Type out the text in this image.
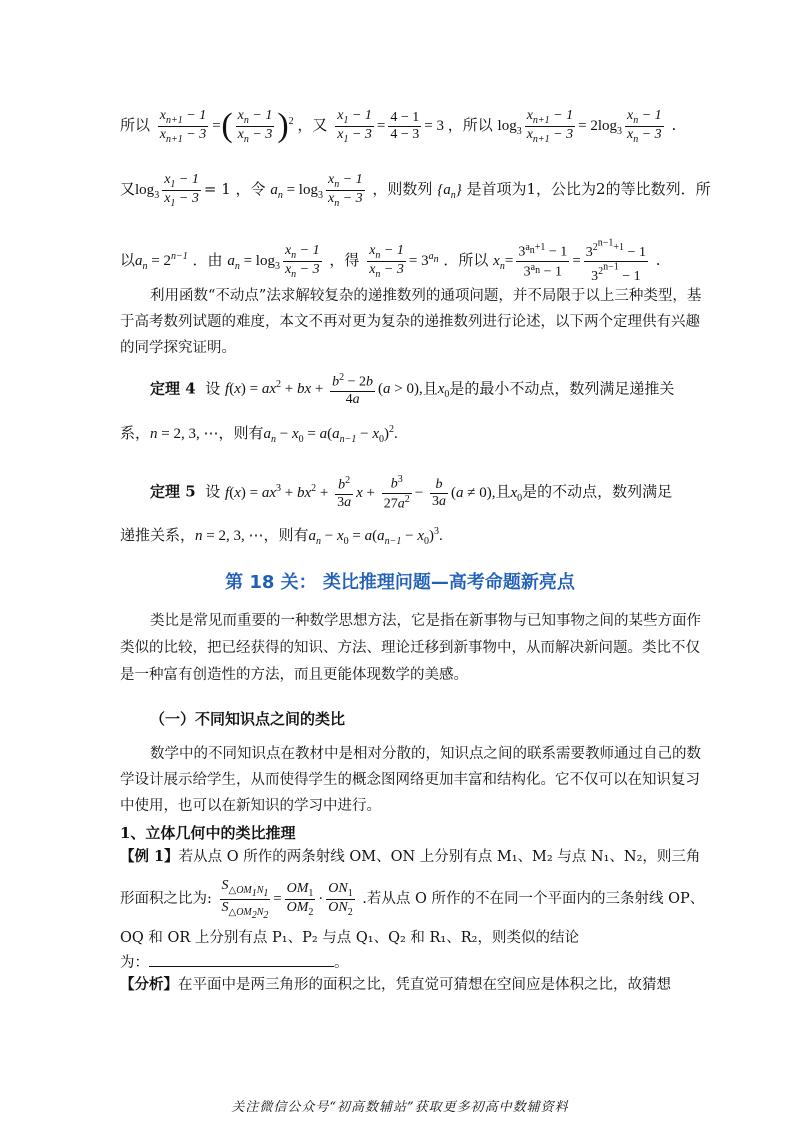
所以 $\frac{x_{n+1} - 1}{x_{n+1} - 3}$ =( $\frac{x_n - 1}{x_n - 3} )^2$ ，又 $\frac{x_1 - 1}{x_1 - 3} = \frac{4 - 1}{4 - 3} = 3$ ，所以 $\log_3 \frac{x_{n+1} - 1}{x_{n+1} - 3} = 2\log_3 \frac{x_n - 1}{x_n - 3}$ .
又$\log_3 \frac{x_1 - 1}{x_1 - 3} = 1$ ，令 $a_n = \log_3 \frac{x_n - 1}{x_n - 3}$ ，则数列 $\{a_n\}$ 是首项为1，公比为2的等比数列．所
以$a_n = 2^{n-1}$ ．由 $a_n = \log_3 \frac{x_n - 1}{x_n - 3}$ ，得 $\frac{x_n - 1}{x_n - 3} = 3^{a_n}$ ．所以 $x_n= \frac{3^{a_n+1} - 1}{3^{a_n} - 1} = \frac{3^{2^{n-1}+1} - 1}{3^{2^{n-1}} - 1}$ .
利用函数“不动点”法求解较复杂的递推数列的通项问题，并不局限于以上三种类型，基
于高考数列试题的难度，本文不再对更为复杂的递推数列进行论述，以下两个定理供有兴趣
的同学探究证明。
定理 4 设 $f(x) = ax^2$ + bx + $\frac{b^2 - 2b}{4a} (a > 0)$,且$x_0$是的最小不动点，数列满足递推关
系，n = 2, 3, ⋯，则有$a_n - x_0 = a(a_{n-1} - x_0)^2$.
定理 5 设 $f(x) = ax^3 + bx^2 + \frac{b^2}{3a}$ $x + \frac{b^3}{27a^2} - \frac{b}{3a} (a \ne 0)$,且$x_0$是的不动点，数列满足
递推关系，n = 2, 3, ⋯，则有$a_n - x_0 = a(a_{n-1} - x_0)^3$.
第 18 关： 类比推理问题—高考命题新亮点
类比是常见而重要的一种数学思想方法，它是指在新事物与已知事物之间的某些方面作
类似的比较，把已经获得的知识、方法、理论迁移到新事物中，从而解决新问题。类比不仅
是一种富有创造性的方法，而且更能体现数学的美感。
（一）不同知识点之间的类比
数学中的不同知识点在教材中是相对分散的，知识点之间的联系需要教师通过自己的数
学设计展示给学生，从而使得学生的概念图网络更加丰富和结构化。它不仅可以在知识复习
中使用，也可以在新知识的学习中进行。
1、立体几何中的类比推理
【例 1】若从点 O 所作的两条射线 OM、ON 上分别有点 M₁、M₂ 与点 N₁、N₂，则三角
形面积之比为: $\frac{S_{\triangle OM_1N_1}}{S_{\triangle OM_2N_2}} = \frac{OM_1}{OM_2} \cdot \frac{ON_1}{ON_2}$ .若从点 O 所作的不在同一个平面内的三条射线 OP、
OQ 和 OR 上分别有点 P₁、P₂ 与点 Q₁、Q₂ 和 R₁、R₂，则类似的结论
为：	。
【分析】在平面中是两三角形的面积之比，凭直觉可猜想在空间应是体积之比，故猜想
关注微信公众号“初高数辅站”获取更多初高中数辅资料
